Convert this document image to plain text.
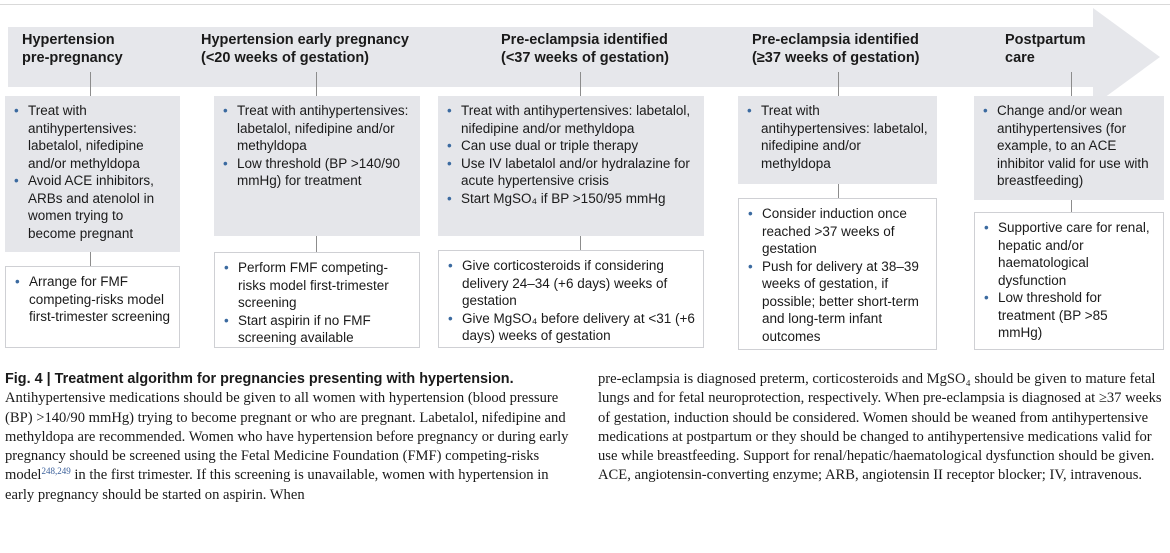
Hypertension
pre-pregnancy
Hypertension early pregnancy
(<20 weeks of gestation)
Pre-eclampsia identified
(<37 weeks of gestation)
Pre-eclampsia identified
(≥37 weeks of gestation)
Postpartum
care
• Treat with antihypertensives: labetalol, nifedipine and/or methyldopa
• Avoid ACE inhibitors, ARBs and atenolol in women trying to become pregnant
• Arrange for FMF competing-risks model first-trimester screening
• Treat with antihypertensives: labetalol, nifedipine and/or methyldopa
• Low threshold (BP >140/90 mmHg) for treatment
• Perform FMF competing-risks model first-trimester screening
• Start aspirin if no FMF screening available
• Treat with antihypertensives: labetalol, nifedipine and/or methyldopa
• Can use dual or triple therapy
• Use IV labetalol and/or hydralazine for acute hypertensive crisis
• Start MgSO₄ if BP >150/95 mmHg
• Give corticosteroids if considering delivery 24–34 (+6 days) weeks of gestation
• Give MgSO₄ before delivery at <31 (+6 days) weeks of gestation
• Treat with antihypertensives: labetalol, nifedipine and/or methyldopa
• Consider induction once reached >37 weeks of gestation
• Push for delivery at 38–39 weeks of gestation, if possible; better short-term and long-term infant outcomes
• Change and/or wean antihypertensives (for example, to an ACE inhibitor valid for use with breastfeeding)
• Supportive care for renal, hepatic and/or haematological dysfunction
• Low threshold for treatment (BP >85 mmHg)

Fig. 4 | Treatment algorithm for pregnancies presenting with hypertension. Antihypertensive medications should be given to all women with hypertension (blood pressure (BP) >140/90 mmHg) trying to become pregnant or who are pregnant. Labetalol, nifedipine and methyldopa are recommended. Women who have hypertension before pregnancy or during early pregnancy should be screened using the Fetal Medicine Foundation (FMF) competing-risks model$^{248,249}$ in the first trimester. If this screening is unavailable, women with hypertension in early pregnancy should be started on aspirin. When

pre-eclampsia is diagnosed preterm, corticosteroids and MgSO₄ should be given to mature fetal lungs and for fetal neuroprotection, respectively. When pre-eclampsia is diagnosed at ≥37 weeks of gestation, induction should be considered. Women should be weaned from antihypertensive medications at postpartum or they should be changed to antihypertensive medications valid for use while breastfeeding. Support for renal/hepatic/haematological dysfunction should be given. ACE, angiotensin-converting enzyme; ARB, angiotensin II receptor blocker; IV, intravenous.
